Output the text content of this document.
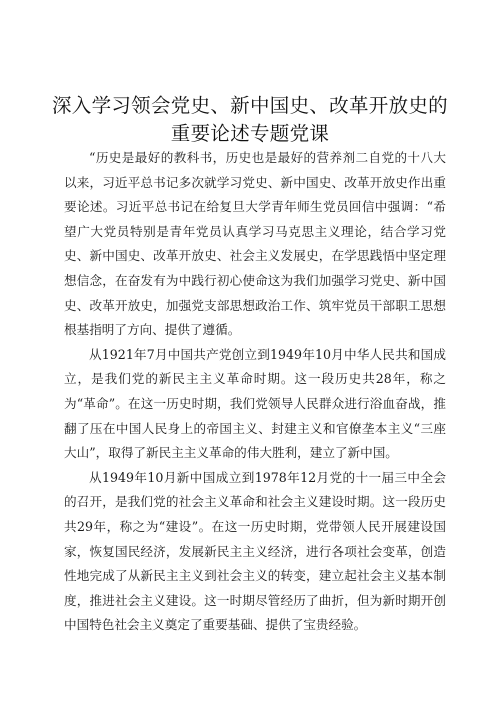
深入学习领会党史、新中国史、改革开放史的
重要论述专题党课

“历史是最好的教科书，历史也是最好的营养剂二自党的十八大以来，习近平总书记多次就学习党史、新中国史、改革开放史作出重要论述。习近平总书记在给复旦大学青年师生党员回信中强调：“希望广大党员特别是青年党员认真学习马克思主义理论，结合学习党史、新中国史、改革开放史、社会主义发展史，在学思践悟中坚定理想信念，在奋发有为中践行初心使命这为我们加强学习党史、新中国史、改革开放史，加强党支部思想政治工作、筑牢党员干部职工思想根基指明了方向、提供了遵循。

从1921年7月中国共产党创立到1949年10月中华人民共和国成立，是我们党的新民主主义革命时期。这一段历史共28年，称之为“革命”。在这一历史时期，我们党领导人民群众进行浴血奋战，推翻了压在中国人民身上的帝国主义、封建主义和官僚垄本主义“三座大山”，取得了新民主主义革命的伟大胜利，建立了新中国。

从1949年10月新中国成立到1978年12月党的十一届三中全会的召开，是我们党的社会主义革命和社会主义建设时期。这一段历史共29年，称之为“建设”。在这一历史时期，党带领人民开展建设国家，恢复国民经济，发展新民主主义经济，进行各项社会变革，创造性地完成了从新民主主义到社会主义的转变，建立起社会主义基本制度，推进社会主义建设。这一时期尽管经历了曲折，但为新时期开创中国特色社会主义奠定了重要基础、提供了宝贵经验。
